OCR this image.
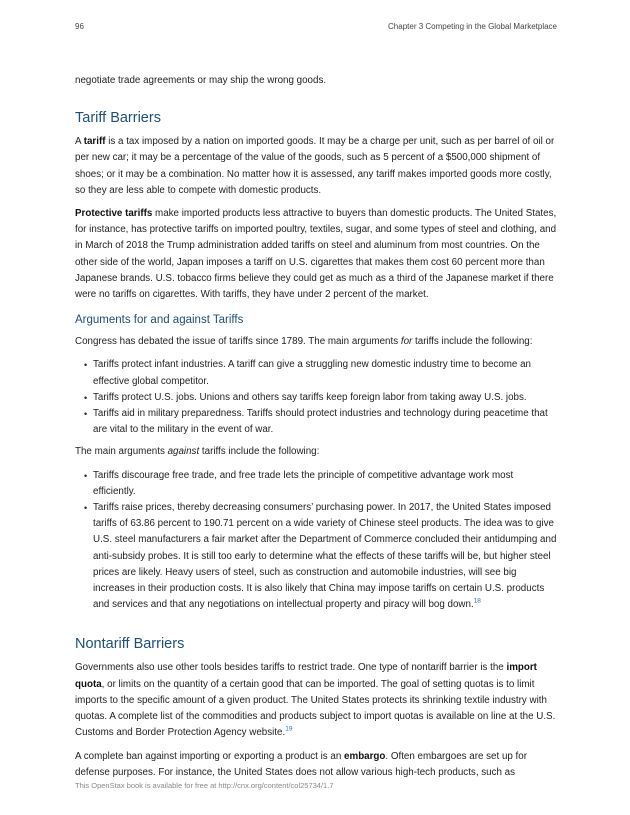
96	Chapter 3 Competing in the Global Marketplace

negotiate trade agreements or may ship the wrong goods.

Tariff Barriers

A tariff is a tax imposed by a nation on imported goods. It may be a charge per unit, such as per barrel of oil or per new car; it may be a percentage of the value of the goods, such as 5 percent of a $500,000 shipment of shoes; or it may be a combination. No matter how it is assessed, any tariff makes imported goods more costly, so they are less able to compete with domestic products.

Protective tariffs make imported products less attractive to buyers than domestic products. The United States, for instance, has protective tariffs on imported poultry, textiles, sugar, and some types of steel and clothing, and in March of 2018 the Trump administration added tariffs on steel and aluminum from most countries. On the other side of the world, Japan imposes a tariff on U.S. cigarettes that makes them cost 60 percent more than Japanese brands. U.S. tobacco firms believe they could get as much as a third of the Japanese market if there were no tariffs on cigarettes. With tariffs, they have under 2 percent of the market.

Arguments for and against Tariffs

Congress has debated the issue of tariffs since 1789. The main arguments for tariffs include the following:

• Tariffs protect infant industries. A tariff can give a struggling new domestic industry time to become an effective global competitor.
• Tariffs protect U.S. jobs. Unions and others say tariffs keep foreign labor from taking away U.S. jobs.
• Tariffs aid in military preparedness. Tariffs should protect industries and technology during peacetime that are vital to the military in the event of war.

The main arguments against tariffs include the following:

• Tariffs discourage free trade, and free trade lets the principle of competitive advantage work most efficiently.
• Tariffs raise prices, thereby decreasing consumers’ purchasing power. In 2017, the United States imposed tariffs of 63.86 percent to 190.71 percent on a wide variety of Chinese steel products. The idea was to give U.S. steel manufacturers a fair market after the Department of Commerce concluded their antidumping and anti-subsidy probes. It is still too early to determine what the effects of these tariffs will be, but higher steel prices are likely. Heavy users of steel, such as construction and automobile industries, will see big increases in their production costs. It is also likely that China may impose tariffs on certain U.S. products and services and that any negotiations on intellectual property and piracy will bog down.$^{18}$
Nontariff Barriers

Governments also use other tools besides tariffs to restrict trade. One type of nontariff barrier is the import quota, or limits on the quantity of a certain good that can be imported. The goal of setting quotas is to limit imports to the specific amount of a given product. The United States protects its shrinking textile industry with quotas. A complete list of the commodities and products subject to import quotas is available on line at the U.S. Customs and Border Protection Agency website.$^{19}$

A complete ban against importing or exporting a product is an embargo. Often embargoes are set up for defense purposes. For instance, the United States does not allow various high-tech products, such as

This OpenStax book is available for free at http://cnx.org/content/col25734/1.7
